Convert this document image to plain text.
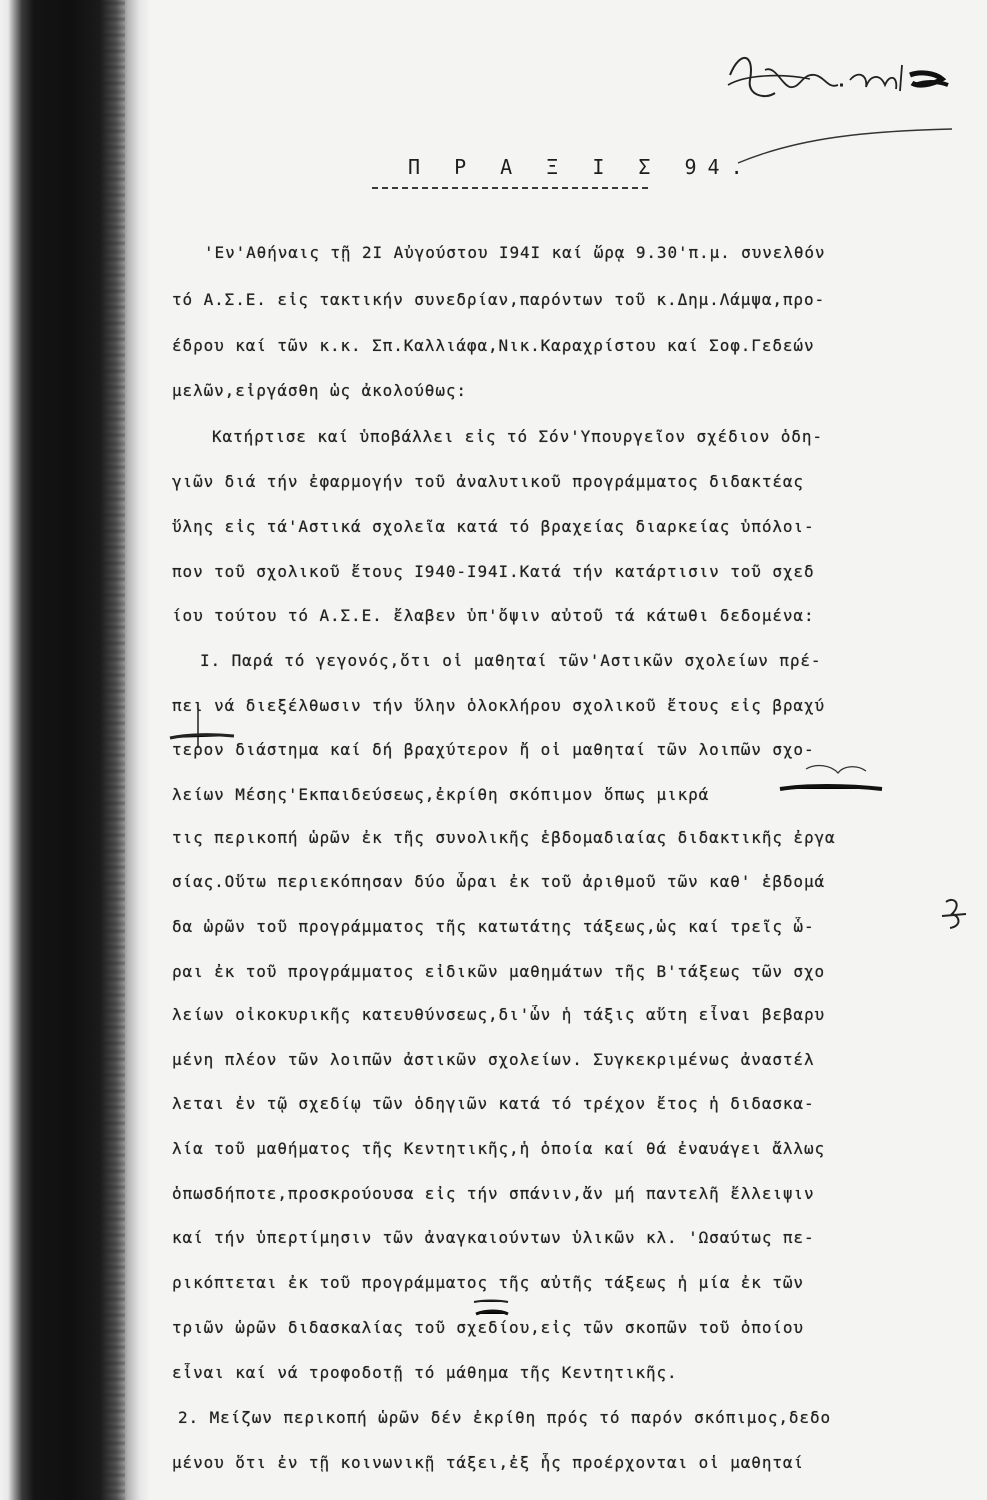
Π Ρ Α Ξ Ι Σ 94.
'Εν'Αθήναις τῇ 2Ι Αὐγούστου Ι94Ι καί ὥρᾳ 9.30'π.μ. συνελθόν
τό Α.Σ.Ε. εἰς τακτικήν συνεδρίαν,παρόντων τοῦ κ.Δημ.Λάμψα,προ-
έδρου καί τῶν κ.κ. Σπ.Καλλιάφα,Νικ.Καραχρίστου καί Σοφ.Γεδεών
μελῶν,εἰργάσθη ὡς ἀκολούθως:
Κατήρτισε καί ὑποβάλλει εἰς τό Σόν'Υπουργεῖον σχέδιον ὁδη-
γιῶν διά τήν ἐφαρμογήν τοῦ ἀναλυτικοῦ προγράμματος διδακτέας
ὕλης εἰς τά'Αστικά σχολεῖα κατά τό βραχείας διαρκείας ὑπόλοι-
πον τοῦ σχολικοῦ ἔτους Ι940-Ι94Ι.Κατά τήν κατάρτισιν τοῦ σχεδ
ίου τούτου τό Α.Σ.Ε. ἔλαβεν ὑπ'ὄψιν αὐτοῦ τά κάτωθι δεδομένα:
Ι. Παρά τό γεγονός,ὅτι οἱ μαθηταί τῶν'Αστικῶν σχολείων πρέ-
πει νά διεξέλθωσιν τήν ὕλην ὁλοκλήρου σχολικοῦ ἔτους εἰς βραχύ
τερον διάστημα καί δή βραχύτερον ἤ οἱ μαθηταί τῶν λοιπῶν σχο-
λείων Μέσης'Εκπαιδεύσεως,ἐκρίθη σκόπιμον ὅπως μικρά
τις περικοπή ὡρῶν ἐκ τῆς συνολικῆς ἑβδομαδιαίας διδακτικῆς ἐργα
σίας.Οὕτω περιεκόπησαν δύο ὧραι ἐκ τοῦ ἀριθμοῦ τῶν καθ' ἑβδομά
δα ὡρῶν τοῦ προγράμματος τῆς κατωτάτης τάξεως,ὡς καί τρεῖς ὧ-
ραι ἐκ τοῦ προγράμματος εἰδικῶν μαθημάτων τῆς Β'τάξεως τῶν σχο
λείων οἰκοκυρικῆς κατευθύνσεως,δι'ὧν ἡ τάξις αὕτη εἶναι βεβαρυ
μένη πλέον τῶν λοιπῶν ἀστικῶν σχολείων. Συγκεκριμένως ἀναστέλ
λεται ἐν τῷ σχεδίῳ τῶν ὁδηγιῶν κατά τό τρέχον ἔτος ἡ διδασκα-
λία τοῦ μαθήματος τῆς Κεντητικῆς,ἡ ὁποία καί θά ἐναυάγει ἄλλως
ὁπωσδήποτε,προσκρούουσα εἰς τήν σπάνιν,ἄν μή παντελῆ ἔλλειψιν
καί τήν ὑπερτίμησιν τῶν ἀναγκαιούντων ὑλικῶν κλ. 'Ωσαύτως πε-
ρικόπτεται ἐκ τοῦ προγράμματος τῆς αὐτῆς τάξεως ἡ μία ἐκ τῶν
τριῶν ὡρῶν διδασκαλίας τοῦ σχεδίου,εἰς τῶν σκοπῶν τοῦ ὁποίου
εἶναι καί νά τροφοδοτῇ τό μάθημα τῆς Κεντητικῆς.
2. Μείζων περικοπή ὡρῶν δέν ἐκρίθη πρός τό παρόν σκόπιμος,δεδο
μένου ὅτι ἐν τῇ κοινωνικῇ τάξει,ἐξ ἧς προέρχονται οἱ μαθηταί
